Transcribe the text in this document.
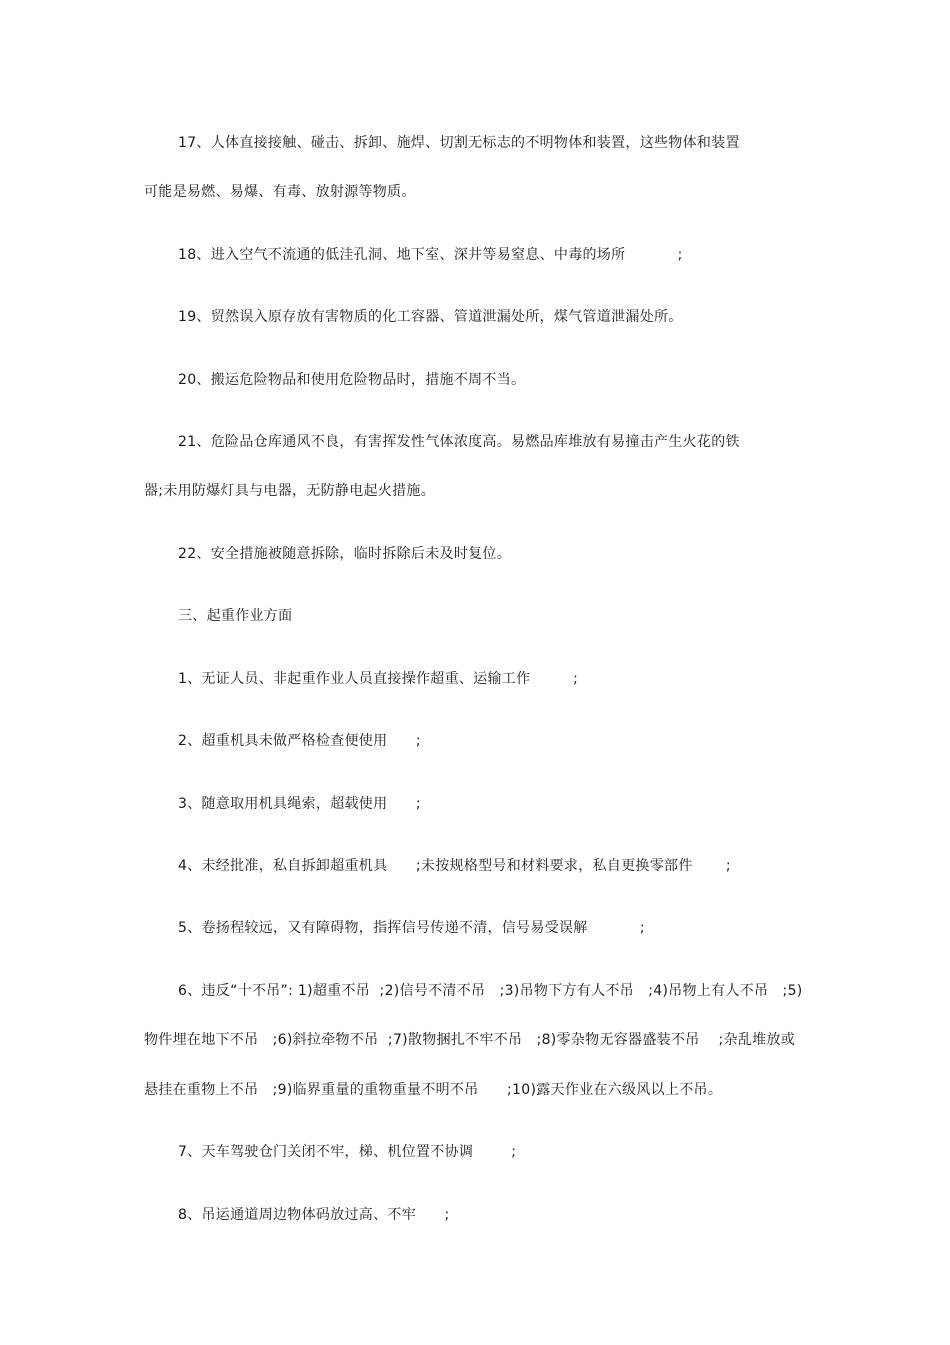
17、人体直接接触、碰击、拆卸、施焊、切割无标志的不明物体和装置，这些物体和装置
可能是易燃、易爆、有毒、放射源等物质。
18、进入空气不流通的低洼孔洞、地下室、深井等易窒息、中毒的场所           ;
19、贸然误入原存放有害物质的化工容器、管道泄漏处所，煤气管道泄漏处所。
20、搬运危险物品和使用危险物品时，措施不周不当。
21、危险品仓库通风不良，有害挥发性气体浓度高。易燃品库堆放有易撞击产生火花的铁
器;未用防爆灯具与电器，无防静电起火措施。
22、安全措施被随意拆除，临时拆除后未及时复位。
三、起重作业方面
1、无证人员、非起重作业人员直接操作超重、运输工作         ;
2、超重机具未做严格检查便使用      ;
3、随意取用机具绳索，超载使用      ;
4、未经批准，私自拆卸超重机具      ;未按规格型号和材料要求，私自更换零部件       ;
5、卷扬程较远，又有障碍物，指挥信号传递不清，信号易受误解           ;
6、违反“十不吊”: 1)超重不吊  ;2)信号不清不吊   ;3)吊物下方有人不吊   ;4)吊物上有人不吊   ;5)
物件埋在地下不吊   ;6)斜拉牵物不吊  ;7)散物捆扎不牢不吊   ;8)零杂物无容器盛装不吊    ;杂乱堆放或
悬挂在重物上不吊   ;9)临界重量的重物重量不明不吊      ;10)露天作业在六级风以上不吊。
7、天车驾驶仓门关闭不牢，梯、机位置不协调        ;
8、吊运通道周边物体码放过高、不牢      ;
